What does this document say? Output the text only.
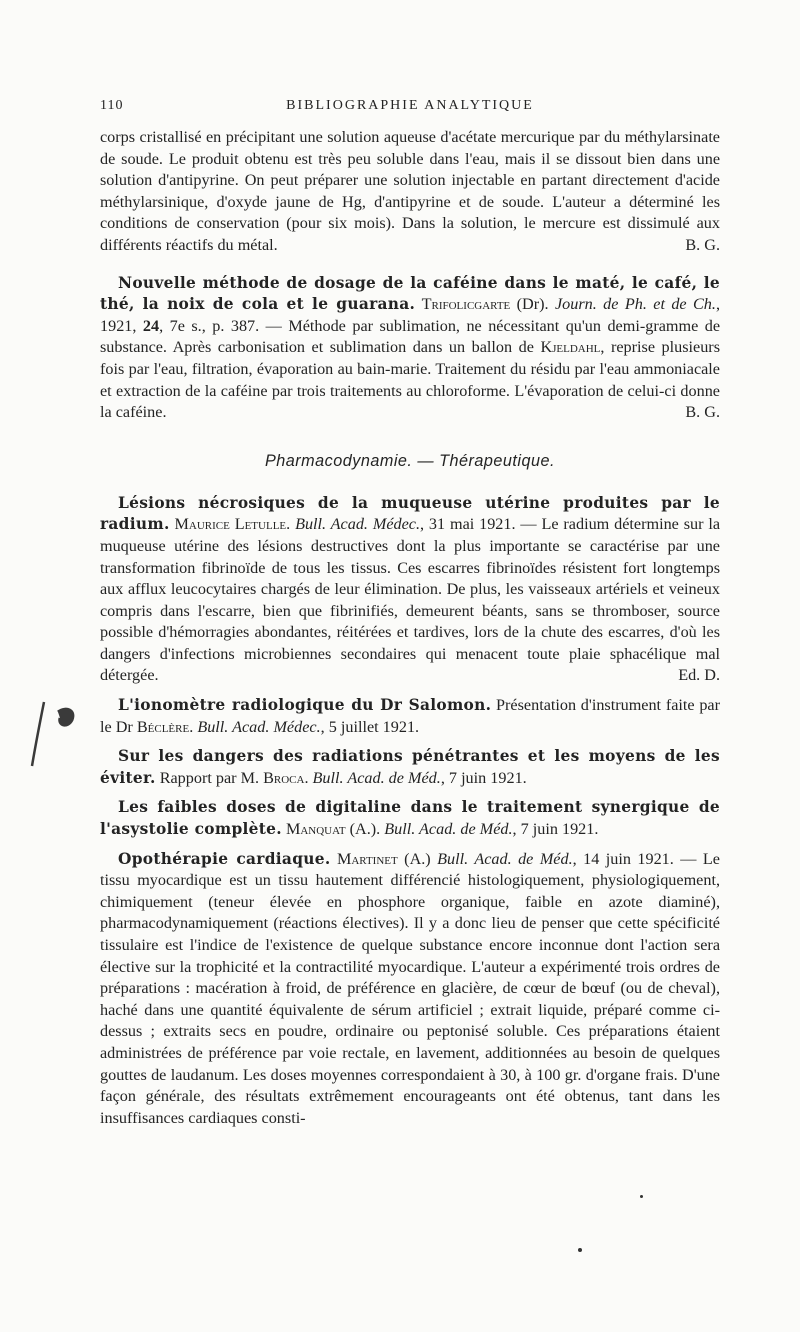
110	BIBLIOGRAPHIE ANALYTIQUE

corps cristallisé en précipitant une solution aqueuse d'acétate mercurique par du méthylarsinate de soude. Le produit obtenu est très peu soluble dans l'eau, mais il se dissout bien dans une solution d'antipyrine. On peut préparer une solution injectable en partant directement d'acide méthylarsinique, d'oxyde jaune de Hg, d'antipyrine et de soude. L'auteur a déterminé les conditions de conservation (pour six mois). Dans la solution, le mercure est dissimulé aux différents réactifs du métal.	B. G.

Nouvelle méthode de dosage de la caféine dans le maté, le café, le thé, la noix de cola et le guarana. Trifolicgarte (Dr). Journ. de Ph. et de Ch., 1921, 24, 7e s., p. 387. — Méthode par sublimation, ne nécessitant qu'un demi-gramme de substance. Après carbonisation et sublimation dans un ballon de Kjeldahl, reprise plusieurs fois par l'eau, filtration, évaporation au bain-marie. Traitement du résidu par l'eau ammoniacale et extraction de la caféine par trois traitements au chloroforme. L'évaporation de celui-ci donne la caféine.	B. G.

Pharmacodynamie. — Thérapeutique.

Lésions nécrosiques de la muqueuse utérine produites par le radium. Maurice Letulle. Bull. Acad. Médec., 31 mai 1921. — Le radium détermine sur la muqueuse utérine des lésions destructives dont la plus importante se caractérise par une transformation fibrinoïde de tous les tissus. Ces escarres fibrinoïdes résistent fort longtemps aux afflux leucocytaires chargés de leur élimination. De plus, les vaisseaux artériels et veineux compris dans l'escarre, bien que fibrinifiés, demeurent béants, sans se thromboser, source possible d'hémorragies abondantes, réitérées et tardives, lors de la chute des escarres, d'où les dangers d'infections microbiennes secondaires qui menacent toute plaie sphacélique mal détergée.	Ed. D.

L'ionomètre radiologique du Dr Salomon. Présentation d'instrument faite par le Dr Béclère. Bull. Acad. Médec., 5 juillet 1921.

Sur les dangers des radiations pénétrantes et les moyens de les éviter. Rapport par M. Broca. Bull. Acad. de Méd., 7 juin 1921.

Les faibles doses de digitaline dans le traitement synergique de l'asystolie complète. Manquat (A.). Bull. Acad. de Méd., 7 juin 1921.

Opothérapie cardiaque. Martinet (A.) Bull. Acad. de Méd., 14 juin 1921. — Le tissu myocardique est un tissu hautement différencié histologiquement, physiologiquement, chimiquement (teneur élevée en phosphore organique, faible en azote diaminé), pharmacodynamiquement (réactions électives). Il y a donc lieu de penser que cette spécificité tissulaire est l'indice de l'existence de quelque substance encore inconnue dont l'action sera élective sur la trophicité et la contractilité myocardique. L'auteur a expérimenté trois ordres de préparations : macération à froid, de préférence en glacière, de cœur de bœuf (ou de cheval), haché dans une quantité équivalente de sérum artificiel ; extrait liquide, préparé comme ci-dessus ; extraits secs en poudre, ordinaire ou peptonisé soluble. Ces préparations étaient administrées de préférence par voie rectale, en lavement, additionnées au besoin de quelques gouttes de laudanum. Les doses moyennes correspondaient à 30, à 100 gr. d'organe frais. D'une façon générale, des résultats extrêmement encourageants ont été obtenus, tant dans les insuffisances cardiaques consti-
